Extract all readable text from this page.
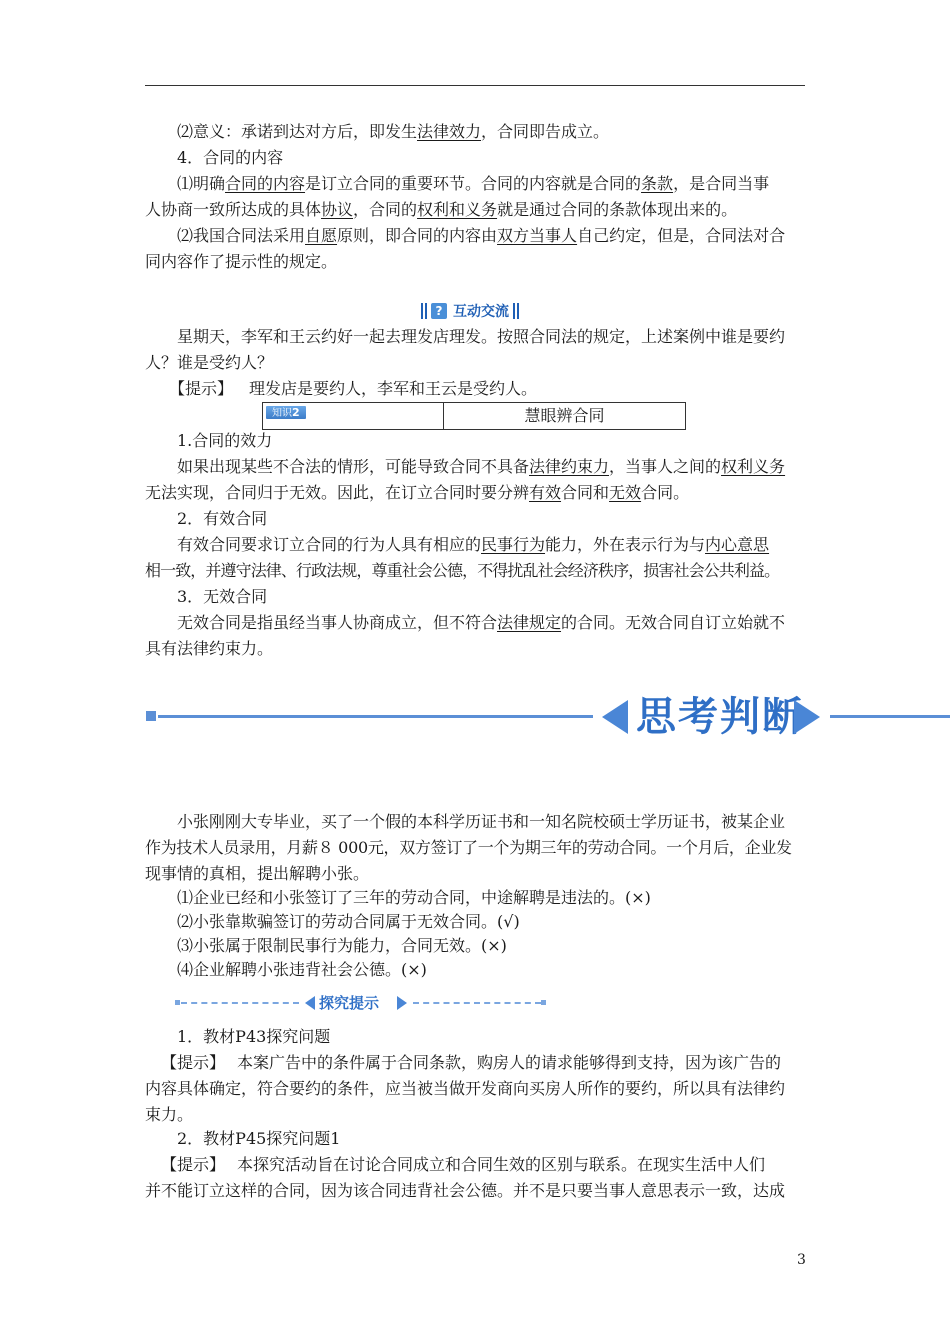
⑵意义：承诺到达对方后，即发生法律效力，合同即告成立。
4．合同的内容
⑴明确合同的内容是订立合同的重要环节。合同的内容就是合同的条款，是合同当事
人协商一致所达成的具体协议，合同的权利和义务就是通过合同的条款体现出来的。
⑵我国合同法采用自愿原则，即合同的内容由双方当事人自己约定，但是，合同法对合
同内容作了提示性的规定。
? 互动交流
星期天，李军和王云约好一起去理发店理发。按照合同法的规定，上述案例中谁是要约
人？谁是受约人？
【提示】 理发店是要约人，李军和王云是受约人。
知识2	慧眼辨合同
1.合同的效力
如果出现某些不合法的情形，可能导致合同不具备法律约束力，当事人之间的权利义务
无法实现，合同归于无效。因此，在订立合同时要分辨有效合同和无效合同。
2．有效合同
有效合同要求订立合同的行为人具有相应的民事行为能力，外在表示行为与内心意思
相一致，并遵守法律、行政法规，尊重社会公德，不得扰乱社会经济秩序，损害社会公共利益。
3．无效合同
无效合同是指虽经当事人协商成立，但不符合法律规定的合同。无效合同自订立始就不
具有法律约束力。
思考判断
小张刚刚大专毕业，买了一个假的本科学历证书和一知名院校硕士学历证书，被某企业
作为技术人员录用，月薪８ 000元，双方签订了一个为期三年的劳动合同。一个月后，企业发
现事情的真相，提出解聘小张。
⑴企业已经和小张签订了三年的劳动合同，中途解聘是违法的。(×)
⑵小张靠欺骗签订的劳动合同属于无效合同。(√)
⑶小张属于限制民事行为能力，合同无效。(×)
⑷企业解聘小张违背社会公德。(×)
探究提示
1．教材P43探究问题
【提示】 本案广告中的条件属于合同条款，购房人的请求能够得到支持，因为该广告的
内容具体确定，符合要约的条件，应当被当做开发商向买房人所作的要约，所以具有法律约
束力。
2．教材P45探究问题1
【提示】 本探究活动旨在讨论合同成立和合同生效的区别与联系。在现实生活中人们
并不能订立这样的合同，因为该合同违背社会公德。并不是只要当事人意思表示一致，达成
3
